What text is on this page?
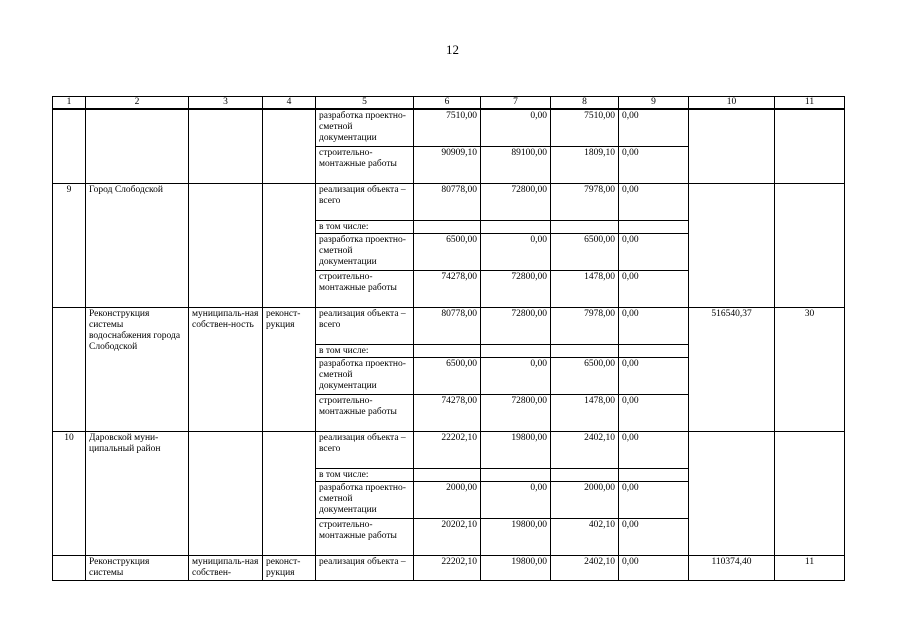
12
1	2	3	4	5	6	7	8	9	10	11
				разработка проектно-сметной документации	7510,00	0,00	7510,00	0,00		
				строительно-монтажные работы	90909,10	89100,00	1809,10	0,00		
9	Город Слободской			реализация объекта – всего	80778,00	72800,00	7978,00	0,00		
				в том числе:						
				разработка проектно-сметной документации	6500,00	0,00	6500,00	0,00		
				строительно-монтажные работы	74278,00	72800,00	1478,00	0,00		
	Реконструкция системы водоснабжения города Слободской	муниципаль-ная собствен-ность	реконст-рукция	реализация объекта – всего	80778,00	72800,00	7978,00	0,00	516540,37	30
				в том числе:						
				разработка проектно-сметной документации	6500,00	0,00	6500,00	0,00		
				строительно-монтажные работы	74278,00	72800,00	1478,00	0,00		
10	Даровской муни-ципальный район			реализация объекта – всего	22202,10	19800,00	2402,10	0,00		
				в том числе:						
				разработка проектно-сметной документации	2000,00	0,00	2000,00	0,00		
				строительно-монтажные работы	20202,10	19800,00	402,10	0,00		
	Реконструкция системы	муниципаль-ная собствен-	реконст-рукция	реализация объекта –	22202,10	19800,00	2402,10	0,00	110374,40	11
